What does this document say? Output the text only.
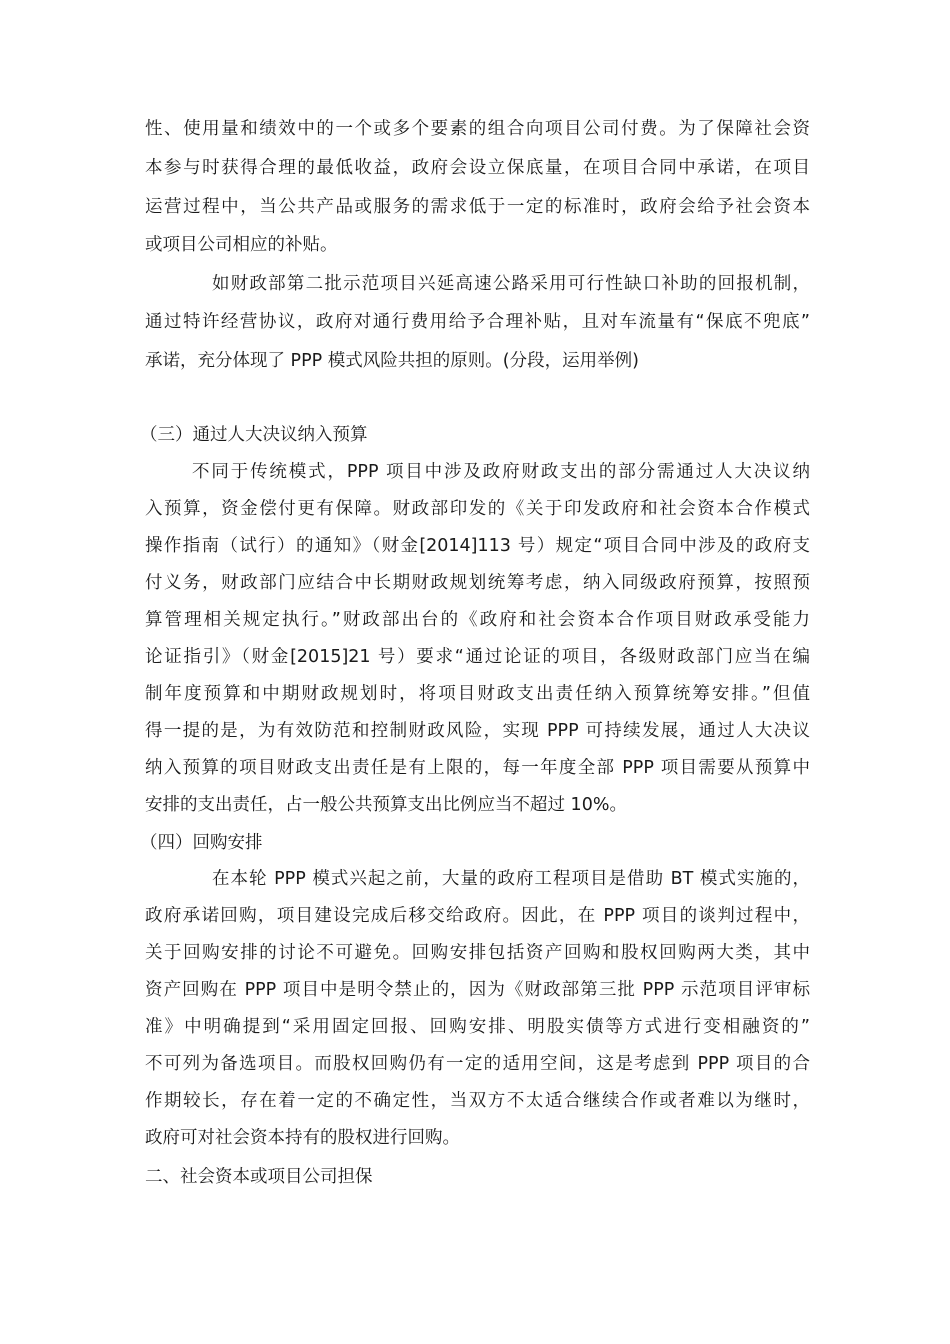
性、使用量和绩效中的一个或多个要素的组合向项目公司付费。为了保障社会资
本参与时获得合理的最低收益，政府会设立保底量，在项目合同中承诺，在项目
运营过程中，当公共产品或服务的需求低于一定的标准时，政府会给予社会资本
或项目公司相应的补贴。
如财政部第二批示范项目兴延高速公路采用可行性缺口补助的回报机制，
通过特许经营协议，政府对通行费用给予合理补贴，且对车流量有“保底不兜底”
承诺，充分体现了 PPP 模式风险共担的原则。(分段，运用举例)
（三）通过人大决议纳入预算
不同于传统模式，PPP 项目中涉及政府财政支出的部分需通过人大决议纳
入预算，资金偿付更有保障。财政部印发的《关于印发政府和社会资本合作模式
操作指南（试行）的通知》（财金[2014]113 号）规定“项目合同中涉及的政府支
付义务，财政部门应结合中长期财政规划统筹考虑，纳入同级政府预算，按照预
算管理相关规定执行。”财政部出台的《政府和社会资本合作项目财政承受能力
论证指引》（财金[2015]21 号）要求“通过论证的项目，各级财政部门应当在编
制年度预算和中期财政规划时，将项目财政支出责任纳入预算统筹安排。”但值
得一提的是，为有效防范和控制财政风险，实现 PPP 可持续发展，通过人大决议
纳入预算的项目财政支出责任是有上限的，每一年度全部 PPP 项目需要从预算中
安排的支出责任，占一般公共预算支出比例应当不超过 10%。
（四）回购安排
在本轮 PPP 模式兴起之前，大量的政府工程项目是借助 BT 模式实施的，
政府承诺回购，项目建设完成后移交给政府。因此，在 PPP 项目的谈判过程中，
关于回购安排的讨论不可避免。回购安排包括资产回购和股权回购两大类，其中
资产回购在 PPP 项目中是明令禁止的，因为《财政部第三批 PPP 示范项目评审标
准》中明确提到“采用固定回报、回购安排、明股实债等方式进行变相融资的”
不可列为备选项目。而股权回购仍有一定的适用空间，这是考虑到 PPP 项目的合
作期较长，存在着一定的不确定性，当双方不太适合继续合作或者难以为继时，
政府可对社会资本持有的股权进行回购。
二、社会资本或项目公司担保
